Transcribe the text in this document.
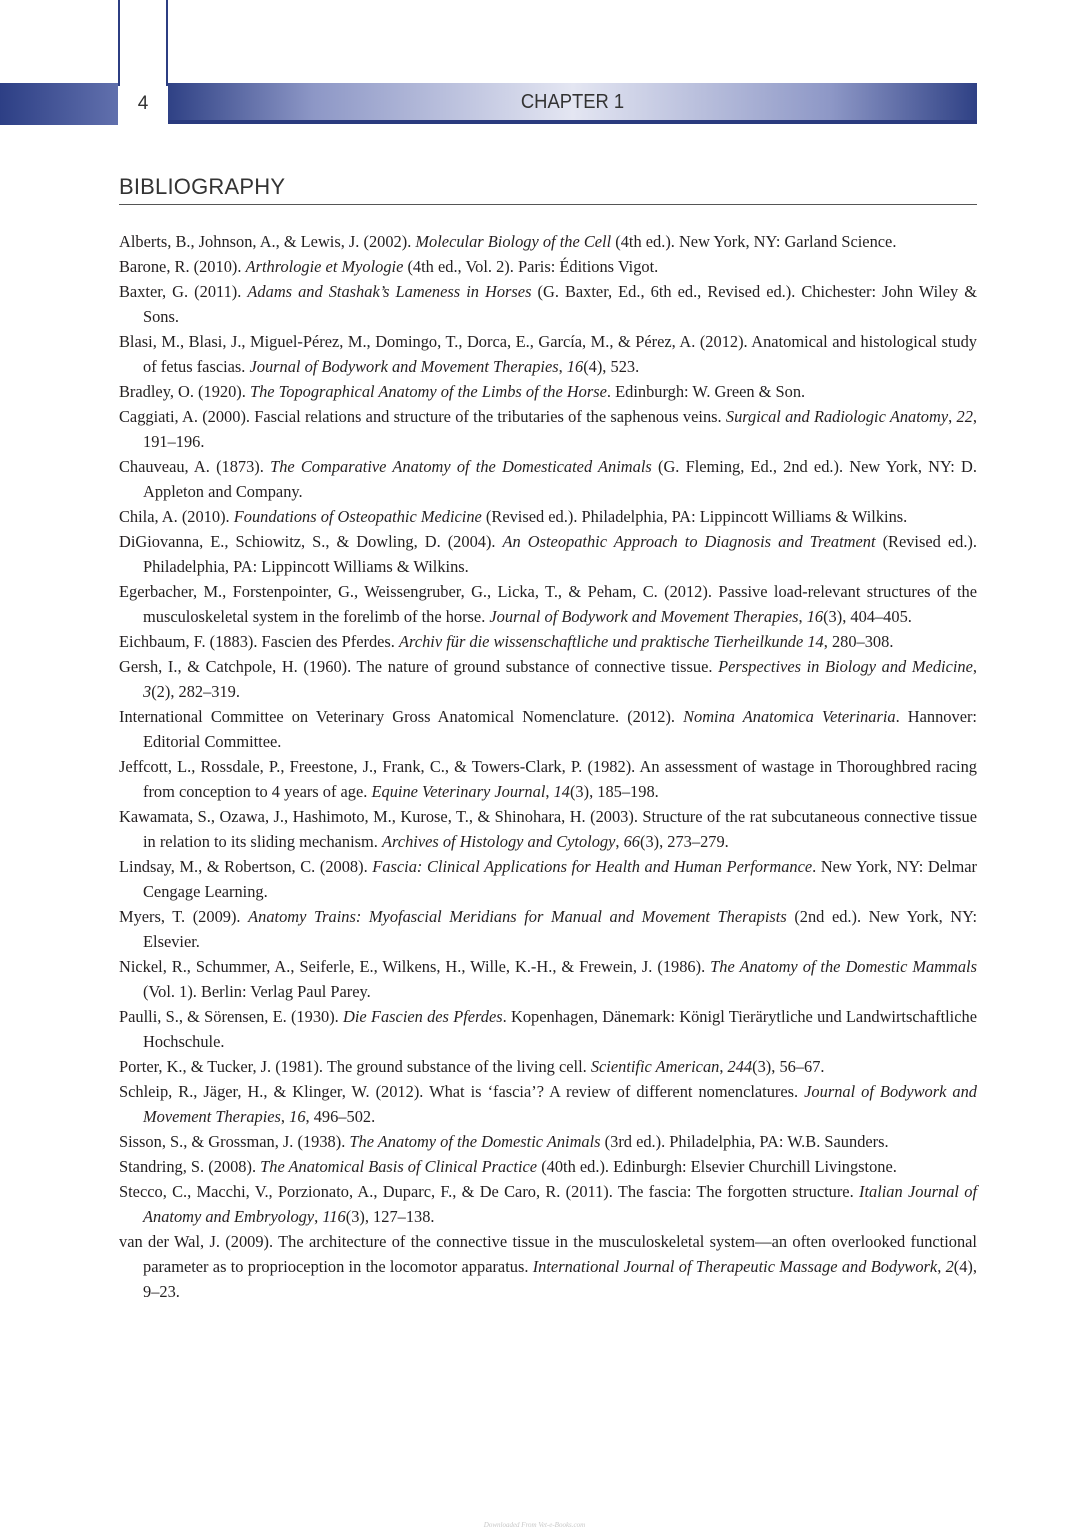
4	CHAPTER 1
BIBLIOGRAPHY
Alberts, B., Johnson, A., & Lewis, J. (2002). Molecular Biology of the Cell (4th ed.). New York, NY: Garland Science.
Barone, R. (2010). Arthrologie et Myologie (4th ed., Vol. 2). Paris: Éditions Vigot.
Baxter, G. (2011). Adams and Stashak’s Lameness in Horses (G. Baxter, Ed., 6th ed., Revised ed.). Chichester: John Wiley & Sons.
Blasi, M., Blasi, J., Miguel-Pérez, M., Domingo, T., Dorca, E., García, M., & Pérez, A. (2012). Anatomical and histological study of fetus fascias. Journal of Bodywork and Movement Therapies, 16(4), 523.
Bradley, O. (1920). The Topographical Anatomy of the Limbs of the Horse. Edinburgh: W. Green & Son.
Caggiati, A. (2000). Fascial relations and structure of the tributaries of the saphenous veins. Surgical and Radiologic Anatomy, 22, 191–196.
Chauveau, A. (1873). The Comparative Anatomy of the Domesticated Animals (G. Fleming, Ed., 2nd ed.). New York, NY: D. Appleton and Company.
Chila, A. (2010). Foundations of Osteopathic Medicine (Revised ed.). Philadelphia, PA: Lippincott Williams & Wilkins.
DiGiovanna, E., Schiowitz, S., & Dowling, D. (2004). An Osteopathic Approach to Diagnosis and Treatment (Revised ed.). Philadelphia, PA: Lippincott Williams & Wilkins.
Egerbacher, M., Forstenpointer, G., Weissengruber, G., Licka, T., & Peham, C. (2012). Passive load-relevant structures of the musculoskeletal system in the forelimb of the horse. Journal of Bodywork and Movement Therapies, 16(3), 404–405.
Eichbaum, F. (1883). Fascien des Pferdes. Archiv für die wissenschaftliche und praktische Tierheilkunde 14, 280–308.
Gersh, I., & Catchpole, H. (1960). The nature of ground substance of connective tissue. Perspectives in Biology and Medicine, 3(2), 282–319.
International Committee on Veterinary Gross Anatomical Nomenclature. (2012). Nomina Anatomica Veterinaria. Hannover: Editorial Committee.
Jeffcott, L., Rossdale, P., Freestone, J., Frank, C., & Towers-Clark, P. (1982). An assessment of wastage in Thoroughbred racing from conception to 4 years of age. Equine Veterinary Journal, 14(3), 185–198.
Kawamata, S., Ozawa, J., Hashimoto, M., Kurose, T., & Shinohara, H. (2003). Structure of the rat subcutaneous connective tissue in relation to its sliding mechanism. Archives of Histology and Cytology, 66(3), 273–279.
Lindsay, M., & Robertson, C. (2008). Fascia: Clinical Applications for Health and Human Performance. New York, NY: Delmar Cengage Learning.
Myers, T. (2009). Anatomy Trains: Myofascial Meridians for Manual and Movement Therapists (2nd ed.). New York, NY: Elsevier.
Nickel, R., Schummer, A., Seiferle, E., Wilkens, H., Wille, K.-H., & Frewein, J. (1986). The Anatomy of the Domestic Mammals (Vol. 1). Berlin: Verlag Paul Parey.
Paulli, S., & Sörensen, E. (1930). Die Fascien des Pferdes. Kopenhagen, Dänemark: Königl Tierärytliche und Landwirtschaftliche Hochschule.
Porter, K., & Tucker, J. (1981). The ground substance of the living cell. Scientific American, 244(3), 56–67.
Schleip, R., Jäger, H., & Klinger, W. (2012). What is ‘fascia’? A review of different nomenclatures. Journal of Bodywork and Movement Therapies, 16, 496–502.
Sisson, S., & Grossman, J. (1938). The Anatomy of the Domestic Animals (3rd ed.). Philadelphia, PA: W.B. Saunders.
Standring, S. (2008). The Anatomical Basis of Clinical Practice (40th ed.). Edinburgh: Elsevier Churchill Livingstone.
Stecco, C., Macchi, V., Porzionato, A., Duparc, F., & De Caro, R. (2011). The fascia: The forgotten structure. Italian Journal of Anatomy and Embryology, 116(3), 127–138.
van der Wal, J. (2009). The architecture of the connective tissue in the musculoskeletal system—an often overlooked functional parameter as to proprioception in the locomotor apparatus. International Journal of Therapeutic Massage and Bodywork, 2(4), 9–23.
Downloaded From Vet-e-Books.com
